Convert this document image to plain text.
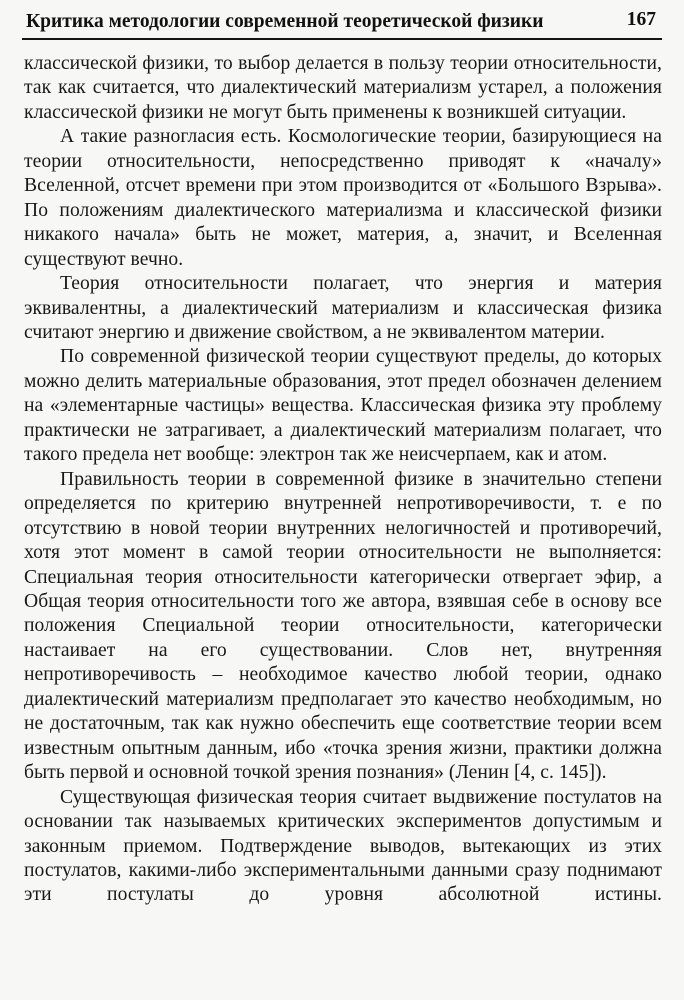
Критика методологии современной теоретической физики	167

классической физики, то выбор делается в пользу теории относительности, так как считается, что диалектический материализм устарел, а положения классической физики не могут быть применены к возникшей ситуации.

А такие разногласия есть. Космологические теории, базирующиеся на теории относительности, непосредственно приводят к «началу» Вселенной, отсчет времени при этом производится от «Большого Взрыва». По положениям диалектического материализма и классической физики никакого начала» быть не может, материя, а, значит, и Вселенная существуют вечно.

Теория относительности полагает, что энергия и материя эквивалентны, а диалектический материализм и классическая физика считают энергию и движение свойством, а не эквивалентом материи.

По современной физической теории существуют пределы, до которых можно делить материальные образования, этот предел обозначен делением на «элементарные частицы» вещества. Классическая физика эту проблему практически не затрагивает, а диалектический материализм полагает, что такого предела нет вообще: электрон так же неисчерпаем, как и атом.

Правильность теории в современной физике в значительно степени определяется по критерию внутренней непротиворечивости, т. е по отсутствию в новой теории внутренних нелогичностей и противоречий, хотя этот момент в самой теории относительности не выполняется: Специальная теория относительности категорически отвергает эфир, а Общая теория относительности того же автора, взявшая себе в основу все положения Специальной теории относительности, категорически настаивает на его существовании. Слов нет, внутренняя непротиворечивость – необходимое качество любой теории, однако диалектический материализм предполагает это качество необходимым, но не достаточным, так как нужно обеспечить еще соответствие теории всем известным опытным данным, ибо «точка зрения жизни, практики должна быть первой и основной точкой зрения познания» (Ленин [4, с. 145]).

Существующая физическая теория считает выдвижение постулатов на основании так называемых критических экспериментов допустимым и законным приемом. Подтверждение выводов, вытекающих из этих постулатов, какими-либо экспериментальными данными сразу поднимают эти постулаты до уровня абсолютной истины.
